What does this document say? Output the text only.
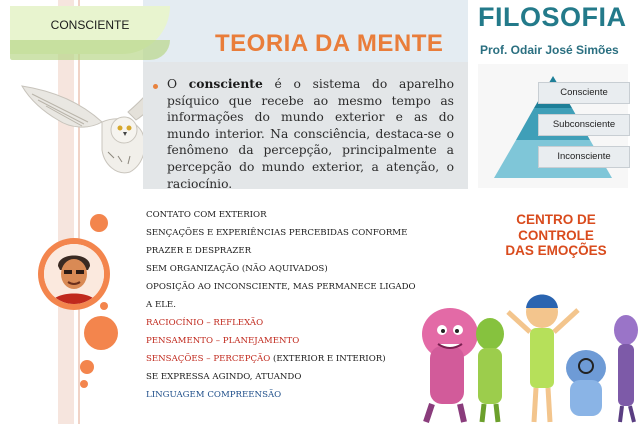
CONSCIENTE
TEORIA DA MENTE

O consciente é o sistema do aparelho psíquico que recebe ao mesmo tempo as informações do mundo exterior e as do mundo interior. Na consciência, destaca-se o fenômeno da percepção, principalmente a percepção do mundo exterior, a atenção, o raciocínio.

FILOSOFIA
Prof. Odair José Simões
Consciente
Subconsciente
Inconsciente
CONTATO COM EXTERIOR
SENÇAÇÕES E EXPERIÊNCIAS PERCEBIDAS CONFORME
PRAZER E DESPRAZER
SEM ORGANIZAÇÃO (NÃO AQUIVADOS)
OPOSIÇÃO AO INCONSCIENTE, MAS PERMANECE LIGADO
A ELE.
RACIOCÍNIO – REFLEXÃO
PENSAMENTO – PLANEJAMENTO
SENSAÇÕES – PERCEPÇÃO (EXTERIOR E INTERIOR)
SE EXPRESSA AGINDO, ATUANDO
LINGUAGEM COMPREENSÃO
CENTRO DE
CONTROLE
DAS EMOÇÕES
